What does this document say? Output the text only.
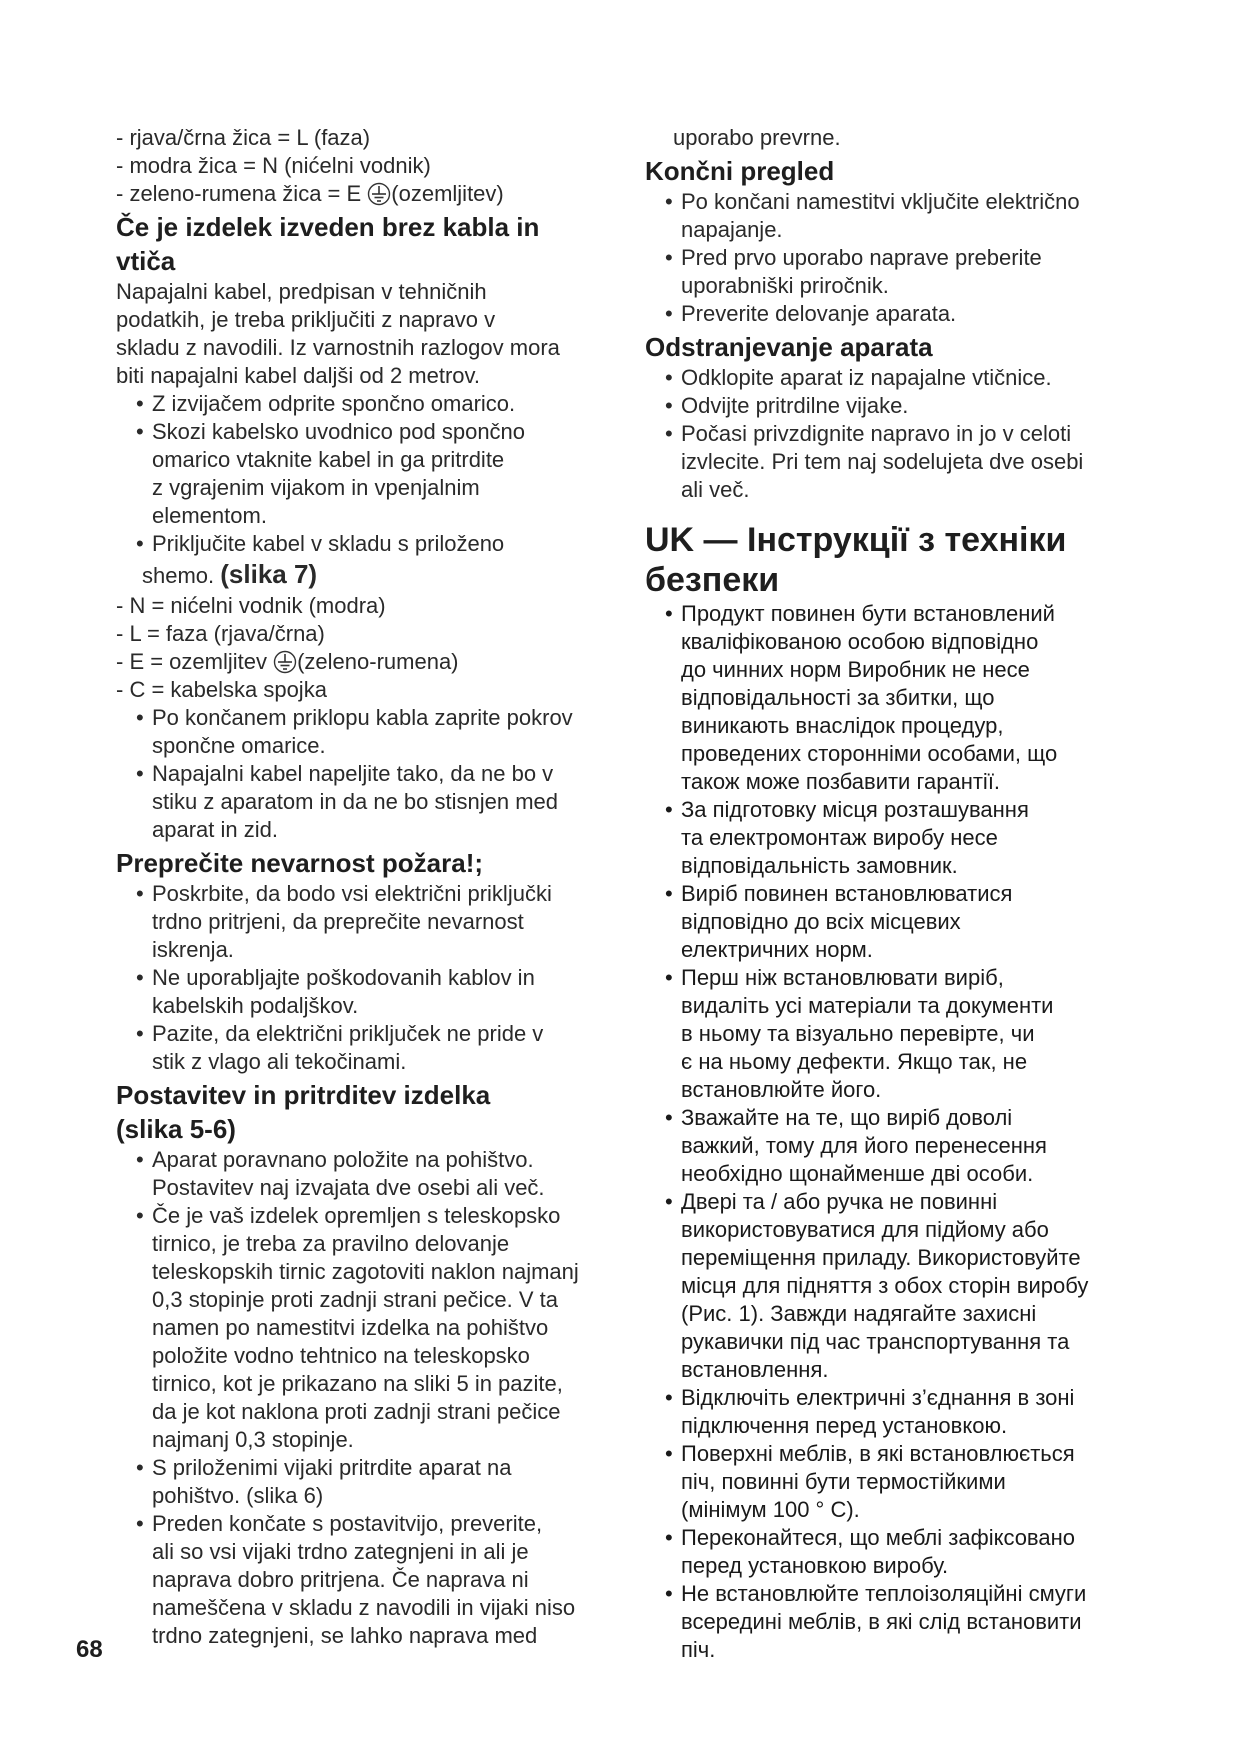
- rjava/črna žica = L (faza)
- modra žica = N (nićelni vodnik)
- zeleno-rumena žica = E (ozemljitev)
Če je izdelek izveden brez kabla in
vtiča
Napajalni kabel, predpisan v tehničnih
podatkih, je treba priključiti z napravo v
skladu z navodili. Iz varnostnih razlogov mora
biti napajalni kabel daljši od 2 metrov.
• Z izvijačem odprite spončno omarico.
• Skozi kabelsko uvodnico pod spončno
omarico vtaknite kabel in ga pritrdite
z vgrajenim vijakom in vpenjalnim
elementom.
• Priključite kabel v skladu s priloženo
shemo. (slika 7)
- N = nićelni vodnik (modra)
- L = faza (rjava/črna)
- E = ozemljitev (zeleno-rumena)
- C = kabelska spojka
• Po končanem priklopu kabla zaprite pokrov
spončne omarice.
• Napajalni kabel napeljite tako, da ne bo v
stiku z aparatom in da ne bo stisnjen med
aparat in zid.
Preprečite nevarnost požara!;
• Poskrbite, da bodo vsi električni priključki
trdno pritrjeni, da preprečite nevarnost
iskrenja.
• Ne uporabljajte poškodovanih kablov in
kabelskih podaljškov.
• Pazite, da električni priključek ne pride v
stik z vlago ali tekočinami.
Postavitev in pritrditev izdelka
(slika 5-6)
• Aparat poravnano položite na pohištvo.
Postavitev naj izvajata dve osebi ali več.
• Če je vaš izdelek opremljen s teleskopsko
tirnico, je treba za pravilno delovanje
teleskopskih tirnic zagotoviti naklon najmanj
0,3 stopinje proti zadnji strani pečice. V ta
namen po namestitvi izdelka na pohištvo
položite vodno tehtnico na teleskopsko
tirnico, kot je prikazano na sliki 5 in pazite,
da je kot naklona proti zadnji strani pečice
najmanj 0,3 stopinje.
• S priloženimi vijaki pritrdite aparat na
pohištvo. (slika 6)
• Preden končate s postavitvijo, preverite,
ali so vsi vijaki trdno zategnjeni in ali je
naprava dobro pritrjena. Če naprava ni
nameščena v skladu z navodili in vijaki niso
trdno zategnjeni, se lahko naprava med
uporabo prevrne.
Končni pregled
• Po končani namestitvi vključite električno
napajanje.
• Pred prvo uporabo naprave preberite
uporabniški priročnik.
• Preverite delovanje aparata.
Odstranjevanje aparata
• Odklopite aparat iz napajalne vtičnice.
• Odvijte pritrdilne vijake.
• Počasi privzdignite napravo in jo v celoti
izvlecite. Pri tem naj sodelujeta dve osebi
ali več.
UK — Інструкції з техніки
безпеки
• Продукт повинен бути встановлений
кваліфікованою особою відповідно
до чинних норм Виробник не несе
відповідальності за збитки, що
виникають внаслідок процедур,
проведених сторонніми особами, що
також може позбавити гарантії.
• За підготовку місця розташування
та електромонтаж виробу несе
відповідальність замовник.
• Виріб повинен встановлюватися
відповідно до всіх місцевих
електричних норм.
• Перш ніж встановлювати виріб,
видаліть усі матеріали та документи
в ньому та візуально перевірте, чи
є на ньому дефекти. Якщо так, не
встановлюйте його.
• Зважайте на те, що виріб доволі
важкий, тому для його перенесення
необхідно щонайменше дві особи.
• Двері та / або ручка не повинні
використовуватися для підйому або
переміщення приладу. Використовуйте
місця для підняття з обох сторін виробу
(Рис. 1). Завжди надягайте захисні
рукавички під час транспортування та
встановлення.
• Відключіть електричні з’єднання в зоні
підключення перед установкою.
• Поверхні меблів, в які встановлюється
піч, повинні бути термостійкими
(мінімум 100 ° C).
• Переконайтеся, що меблі зафіксовано
перед установкою виробу.
• Не встановлюйте теплоізоляційні смуги
всередині меблів, в які слід встановити
піч.
68
